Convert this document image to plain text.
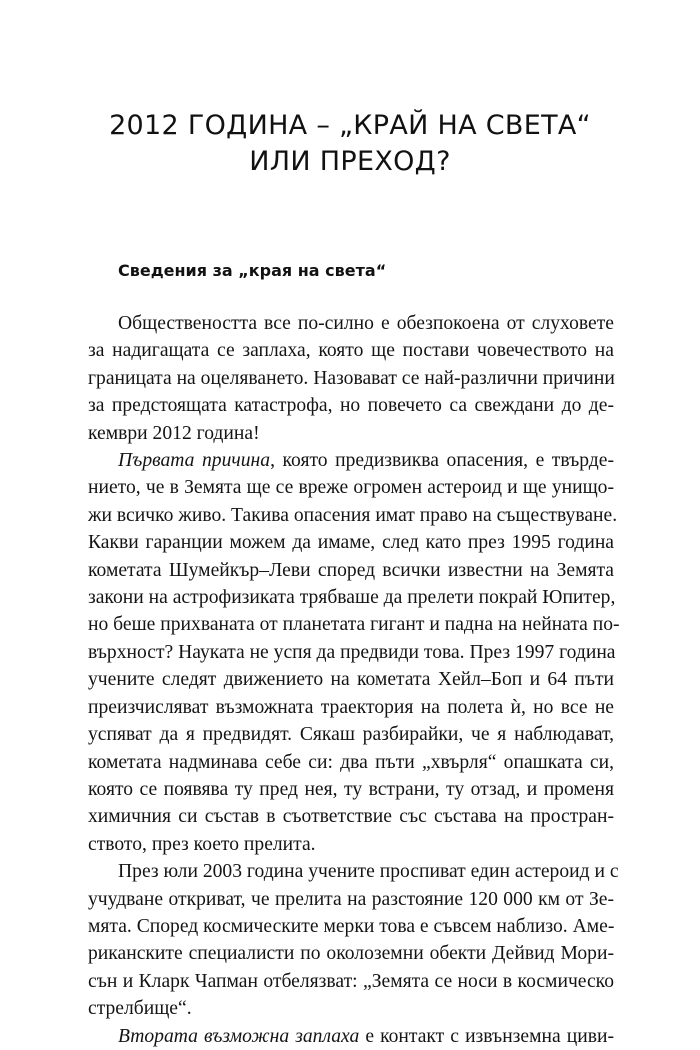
2012 ГОДИНА – „КРАЙ НА СВЕТА“
ИЛИ ПРЕХОД?
Сведения за „края на света“
Обществеността все по-силно е обезпокоена от слуховете
за надигащата се заплаха, която ще постави човечеството на
границата на оцеляването. Назовават се най-различни причини
за предстоящата катастрофа, но повечето са свеждани до де-
кември 2012 година!
Първата причина, която предизвиква опасения, е твърде-
нието, че в Земята ще се вреже огромен астероид и ще унищо-
жи всичко живо. Такива опасения имат право на съществуване.
Какви гаранции можем да имаме, след като през 1995 година
кометата Шумейкър–Леви според всички известни на Земята
закони на астрофизиката трябваше да прелети покрай Юпитер,
но беше прихваната от планетата гигант и падна на нейната по-
върхност? Науката не успя да предвиди това. През 1997 година
учените следят движението на кометата Хейл–Боп и 64 пъти
преизчисляват възможната траектория на полета ѝ, но все не
успяват да я предвидят. Сякаш разбирайки, че я наблюдават,
кометата надминава себе си: два пъти „хвърля“ опашката си,
която се появява ту пред нея, ту встрани, ту отзад, и променя
химичния си състав в съответствие със състава на простран-
ството, през което прелита.
През юли 2003 година учените проспиват един астероид и с
учудване откриват, че прелита на разстояние 120 000 км от Зе-
мята. Според космическите мерки това е съвсем наблизо. Аме-
риканските специалисти по околоземни обекти Дейвид Мори-
сън и Кларк Чапман отбелязват: „Земята се носи в космическо
стрелбище“.
Втората възможна заплаха е контакт с извънземна циви-
